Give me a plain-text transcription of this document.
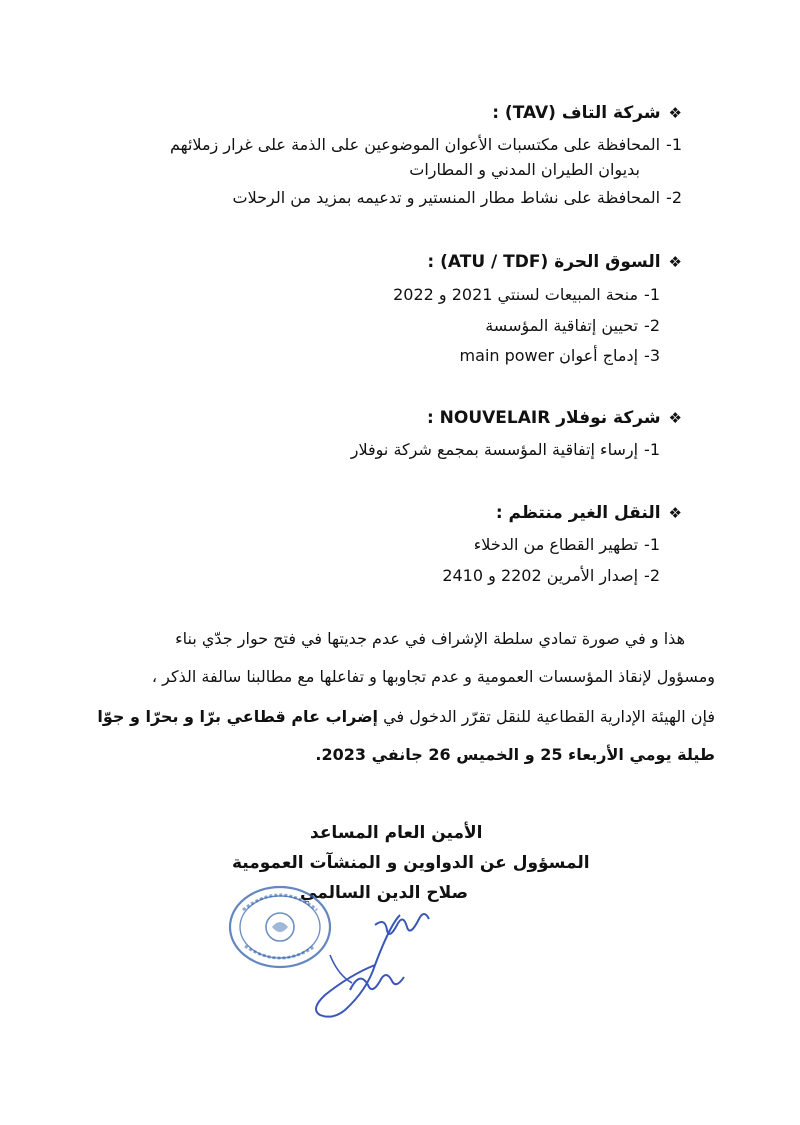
❖شركة التاف (TAV) :
1-المحافظة على مكتسبات الأعوان الموضوعين على الذمة على غرار زملائهم
بديوان الطيران المدني و المطارات
2-المحافظة على نشاط مطار المنستير و تدعيمه بمزيد من الرحلات
❖السوق الحرة (ATU / TDF) :
1-منحة المبيعات لسنتي 2021 و 2022
2-تحيين إتفاقية المؤسسة
3-إدماج أعوان main power
❖شركة نوفلار NOUVELAIR :
1-إرساء إتفاقية المؤسسة بمجمع شركة نوفلار
❖النقل الغير منتظم :
1-تطهير القطاع من الدخلاء
2-إصدار الأمرين 2202 و 2410
هذا و في صورة تمادي سلطة الإشراف في عدم جديتها في فتح حوار جدّي بناء
ومسؤول لإنقاذ المؤسسات العمومية و عدم تجاوبها و تفاعلها مع مطالبنا سالفة الذكر ،
فإن الهيئة الإدارية القطاعية للنقل تقرّر الدخول في إضراب عام قطاعي برّا و بحرّا و جوّا
طيلة يومي الأربعاء 25 و الخميس 26 جانفي 2023.
الأمين العام المساعد
المسؤول عن الدواوين و المنشآت العمومية
صلاح الدين السالمي
